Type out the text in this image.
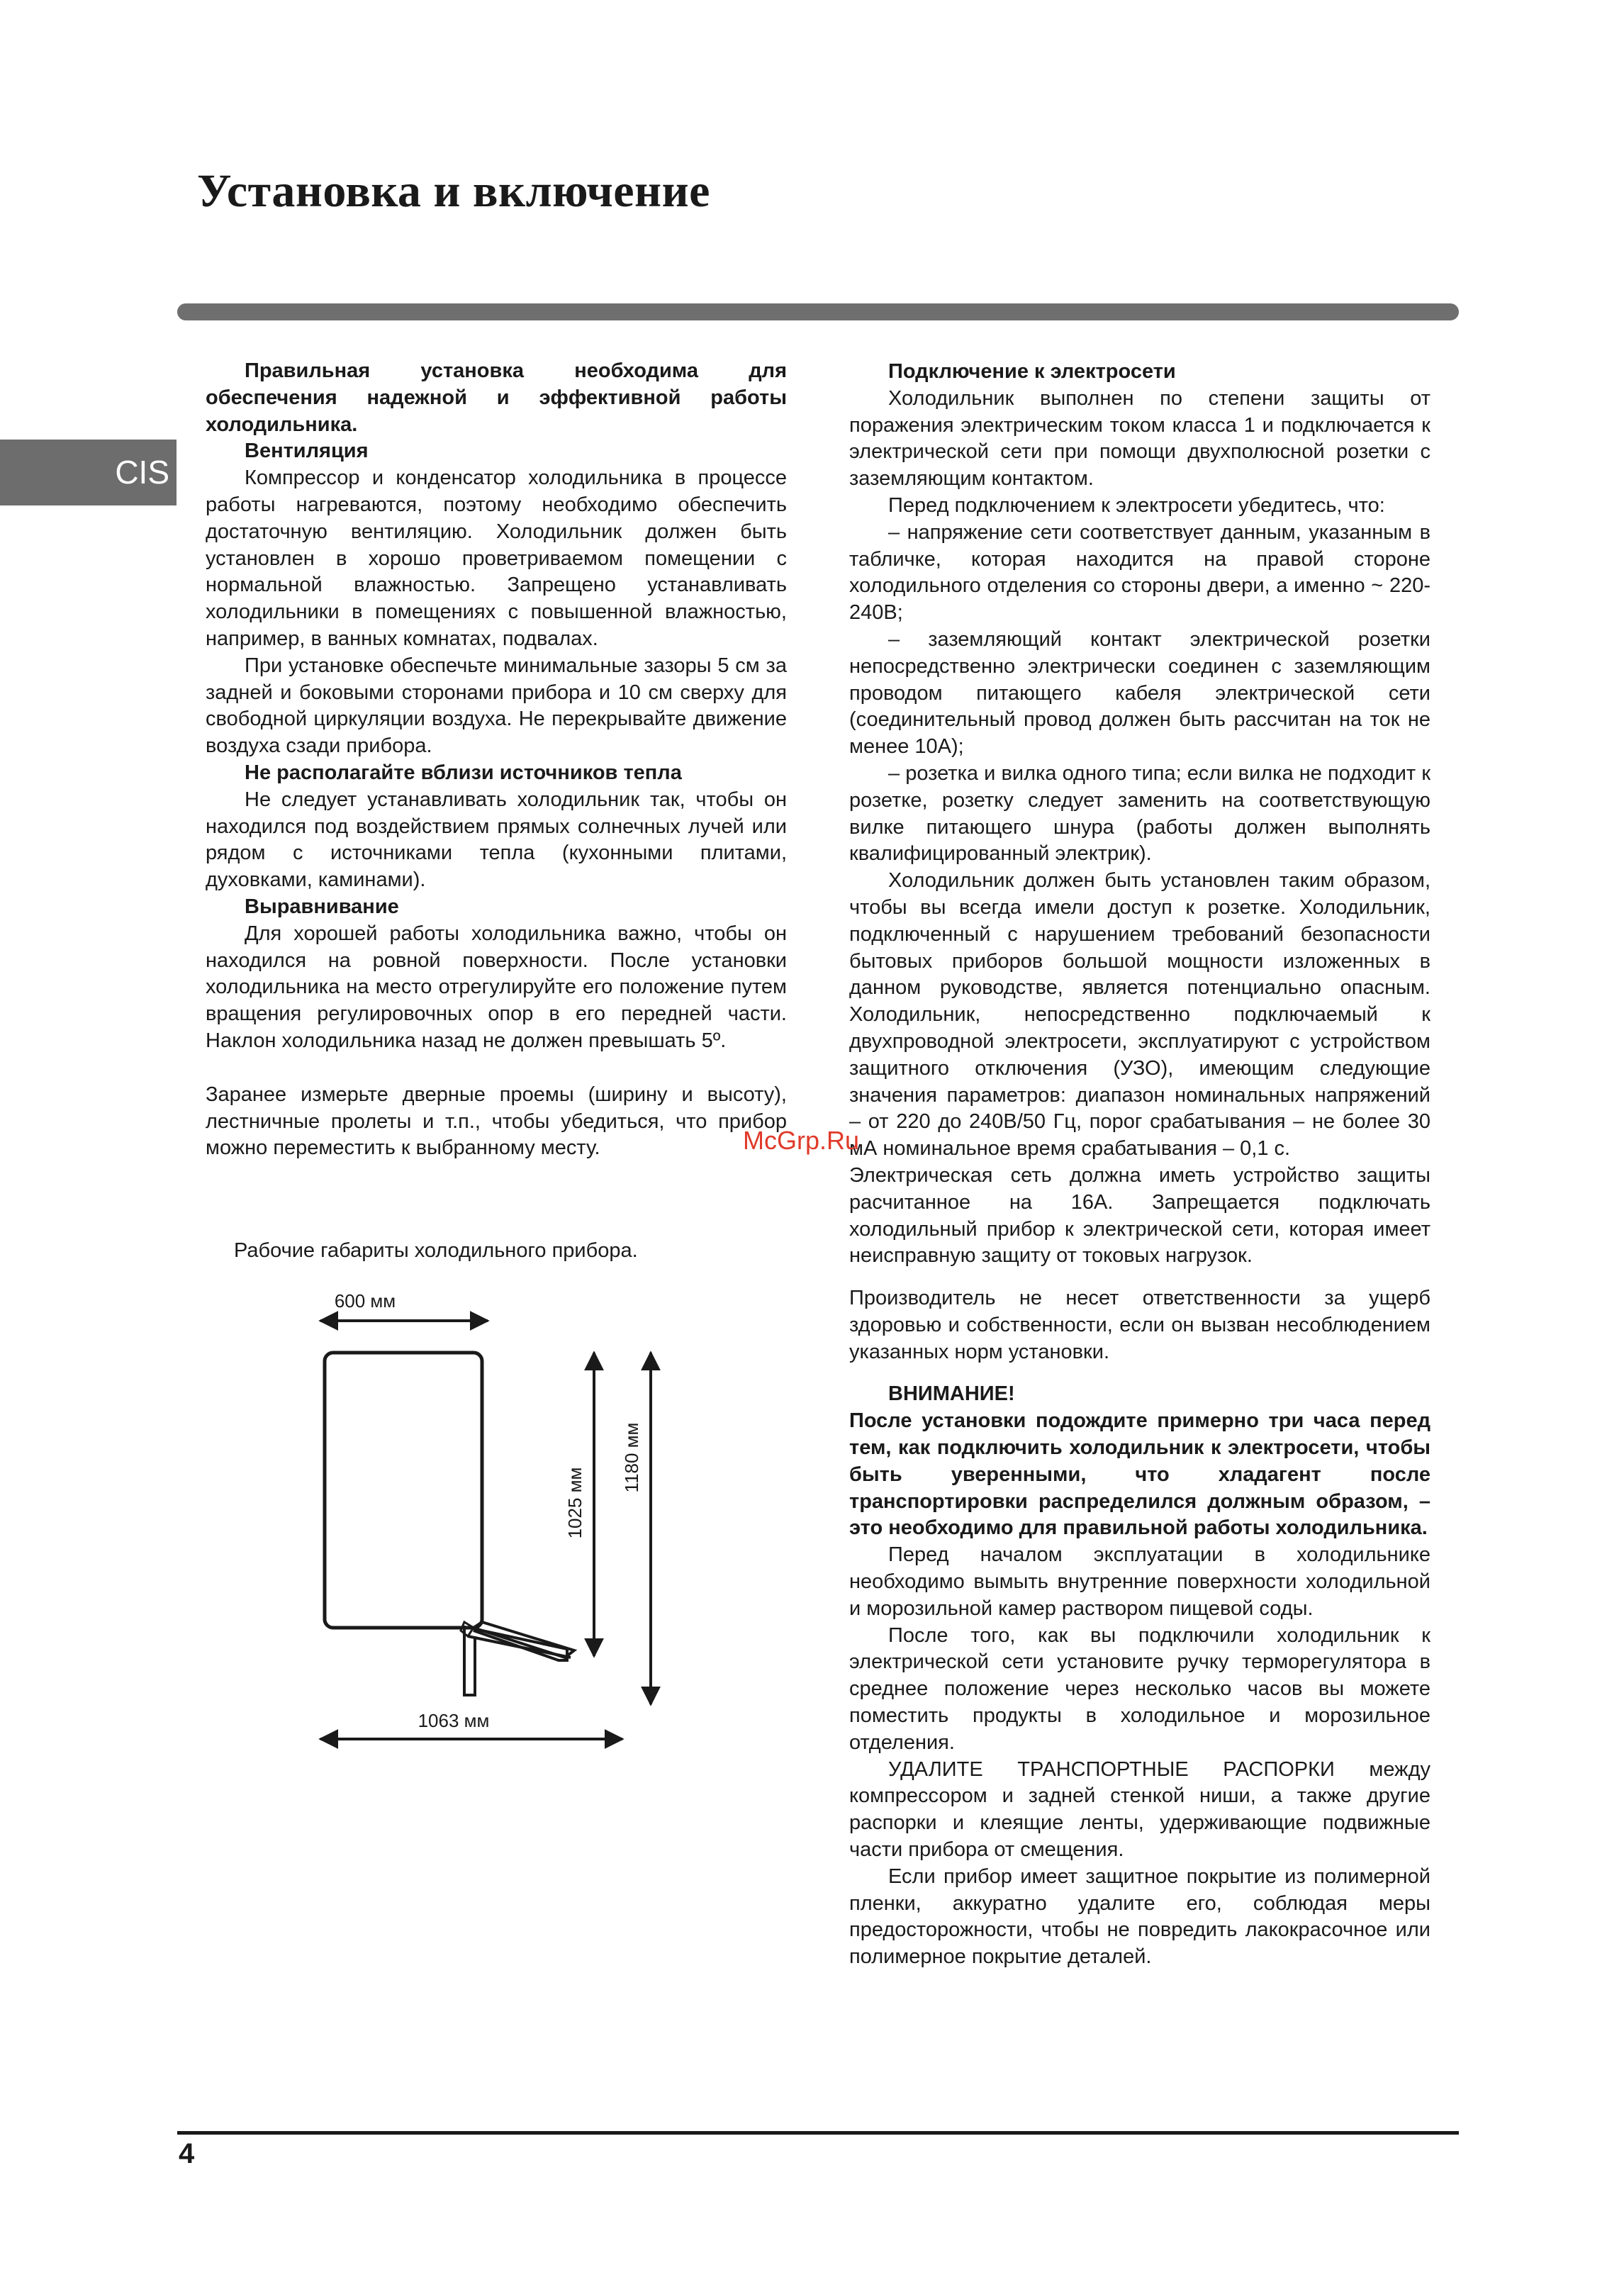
Установка и включение
CIS

Правильная установка необходима для обеспечения надежной и эффективной работы холодильника.

Вентиляция

Компрессор и конденсатор холодильника в процессе работы нагреваются, поэтому необходимо обеспечить достаточную вентиляцию. Холодильник должен быть установлен в хорошо проветриваемом помещении с нормальной влажностью. Запрещено устанавливать холодильники в помещениях с повышенной влажностью, например, в ванных комнатах, подвалах.

При установке обеспечьте минимальные зазоры 5 см за задней и боковыми сторонами прибора и 10 см сверху для свободной циркуляции воздуха. Не перекрывайте движение воздуха сзади прибора.

Не располагайте вблизи источников тепла

Не следует устанавливать холодильник так, чтобы он находился под воздействием прямых солнечных лучей или рядом с источниками тепла (кухонными плитами, духовками, каминами).

Выравнивание

Для хорошей работы холодильника важно, чтобы он находился на ровной поверхности. После установки холодильника на место отрегулируйте его положение путем вращения регулировочных опор в его передней части. Наклон холодильника назад не должен превышать 5º.

Заранее измерьте дверные проемы (ширину и высоту), лестничные пролеты и т.п., чтобы убедиться, что прибор можно переместить к выбранному месту.

Рабочие габариты холодильного прибора.
600 мм
1025 мм
1180 мм
1063 мм

Подключение к электросети

Холодильник выполнен по степени защиты от поражения электрическим током класса 1 и подключается к электрической сети при помощи двухполюсной розетки с заземляющим контактом.

Перед подключением к электросети убедитесь, что:

– напряжение сети соответствует данным, указанным в табличке, которая находится на правой стороне холодильного отделения со стороны двери, а именно ~ 220-240В;

– заземляющий контакт электрической розетки непосредственно электрически соединен с заземляющим проводом питающего кабеля электрической сети (соединительный провод должен быть рассчитан на ток не менее 10А);

– розетка и вилка одного типа; если вилка не подходит к розетке, розетку следует заменить на соответствующую вилке питающего шнура (работы должен выполнять квалифицированный электрик).

Холодильник должен быть установлен таким образом, чтобы вы всегда имели доступ к розетке. Холодильник, подключенный с нарушением требований безопасности бытовых приборов большой мощности изложенных в данном руководстве, является потенциально опасным. Холодильник, непосредственно подключаемый к двухпроводной электросети, эксплуатируют с устройством защитного отключения (УЗО), имеющим следующие значения параметров: диапазон номинальных напряжений – от 220 до 240В/50 Гц, порог срабатывания – не более 30 мА номинальное время срабатывания – 0,1 с.

Электрическая сеть должна иметь устройство защиты расчитанное на 16А. Запрещается подключать холодильный прибор к электрической сети, которая имеет неисправную защиту от токовых нагрузок.

Производитель не несет ответственности за ущерб здоровью и собственности, если он вызван несоблюдением указанных норм установки.

ВНИМАНИЕ!

После установки подождите примерно три часа перед тем, как подключить холодильник к электросети, чтобы быть уверенными, что хладагент после транспортировки распределился должным образом, – это необходимо для правильной работы холодильника.

Перед началом эксплуатации в холодильнике необходимо вымыть внутренние поверхности холодильной и морозильной камер раствором пищевой соды.

После того, как вы подключили холодильник к электрической сети установите ручку терморегулятора в среднее положение через несколько часов вы можете поместить продукты в холодильное и морозильное отделения.

УДАЛИТЕ ТРАНСПОРТНЫЕ РАСПОРКИ между компрессором и задней стенкой ниши, а также другие распорки и клеящие ленты, удерживающие подвижные части прибора от смещения.

Если прибор имеет защитное покрытие из полимерной пленки, аккуратно удалите его, соблюдая меры предосторожности, чтобы не повредить лакокрасочное или полимерное покрытие деталей.

McGrp.Ru
4
